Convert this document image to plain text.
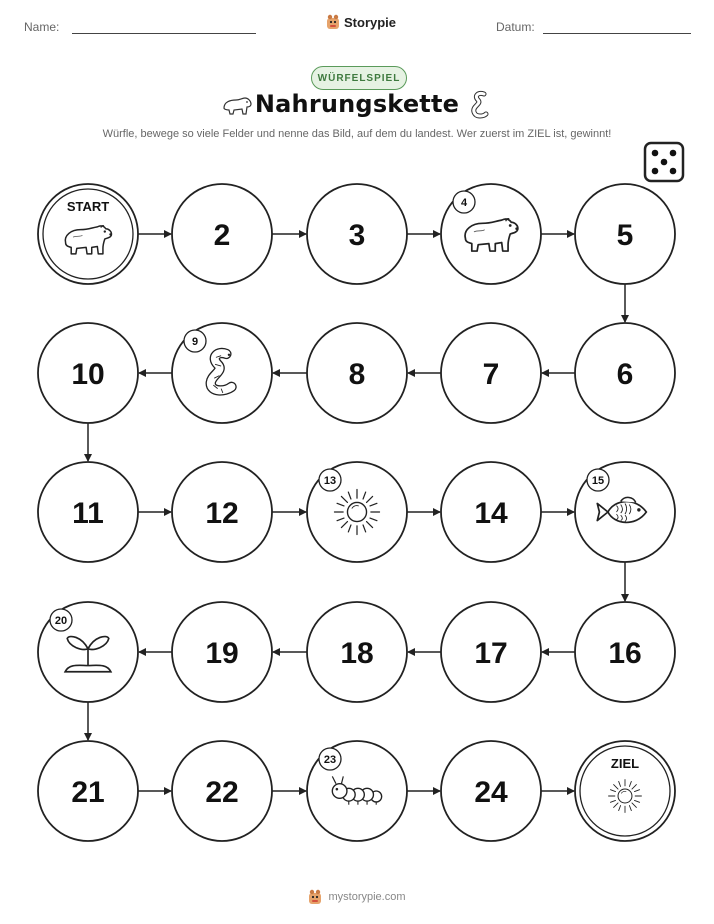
Name:	Storypie	Datum:
WÜRFELSPIEL
Nahrungskette
Würfle, bewege so viele Felder und nenne das Bild, auf dem du landest. Wer zuerst im ZIEL ist, gewinnt!
START
2	3
4
5
6
7
8
9
10
11	12
13
14
15
16
17
18
19
20
21	22
23
24
ZIEL
mystorypie.com
